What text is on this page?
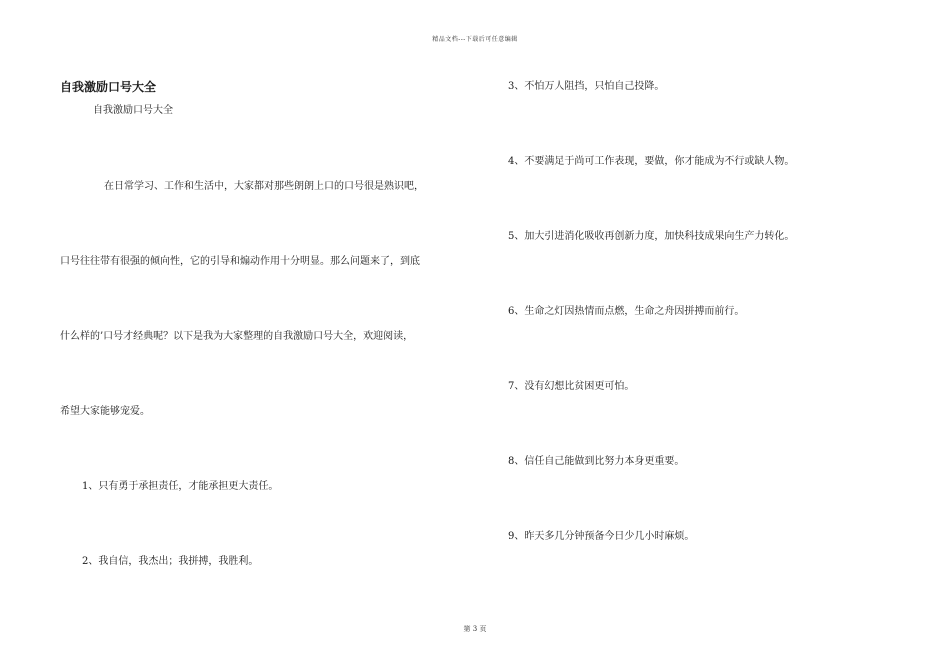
精品文档---下载后可任意编辑
自我激励口号大全
自我激励口号大全
在日常学习、工作和生活中，大家都对那些朗朗上口的口号很是熟识吧，
口号往往带有很强的倾向性，它的引导和煽动作用十分明显。那么问题来了，到底
什么样的’口号才经典呢？以下是我为大家整理的自我激励口号大全，欢迎阅读，
希望大家能够宠爱。
1、只有勇于承担责任，才能承担更大责任。
2、我自信，我杰出；我拼搏，我胜利。
3、不怕万人阻挡，只怕自己投降。
4、不要满足于尚可工作表现，要做，你才能成为不行或缺人物。
5、加大引进消化吸收再创新力度，加快科技成果向生产力转化。
6、生命之灯因热情而点燃，生命之舟因拼搏而前行。
7、没有幻想比贫困更可怕。
8、信任自己能做到比努力本身更重要。
9、昨天多几分钟预备今日少几小时麻烦。
第 3 页
